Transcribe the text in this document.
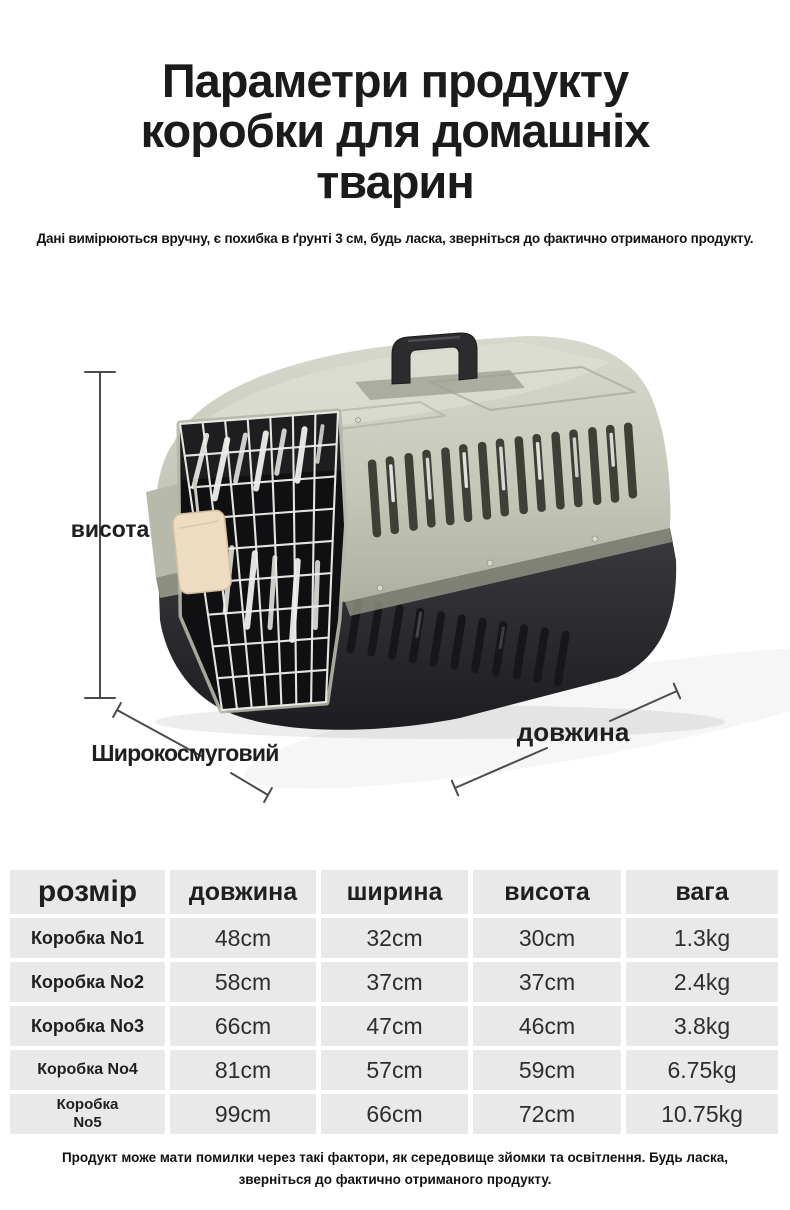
Параметри продукту
коробки для домашніх
тварин
Дані вимірюються вручну, є похибка в ґрунті 3 см, будь ласка, зверніться до фактично отриманого продукту.
висота
Широкосмуговий
довжина
розмір	довжина	ширина	висота	вага
Коробка No1	48cm	32cm	30cm	1.3kg
Коробка No2	58cm	37cm	37cm	2.4kg
Коробка No3	66cm	47cm	46cm	3.8kg
Коробка No4	81cm	57cm	59cm	6.75kg
Коробка No5	99cm	66cm	72cm	10.75kg
Продукт може мати помилки через такі фактори, як середовище зйомки та освітлення. Будь ласка, зверніться до фактично отриманого продукту.
